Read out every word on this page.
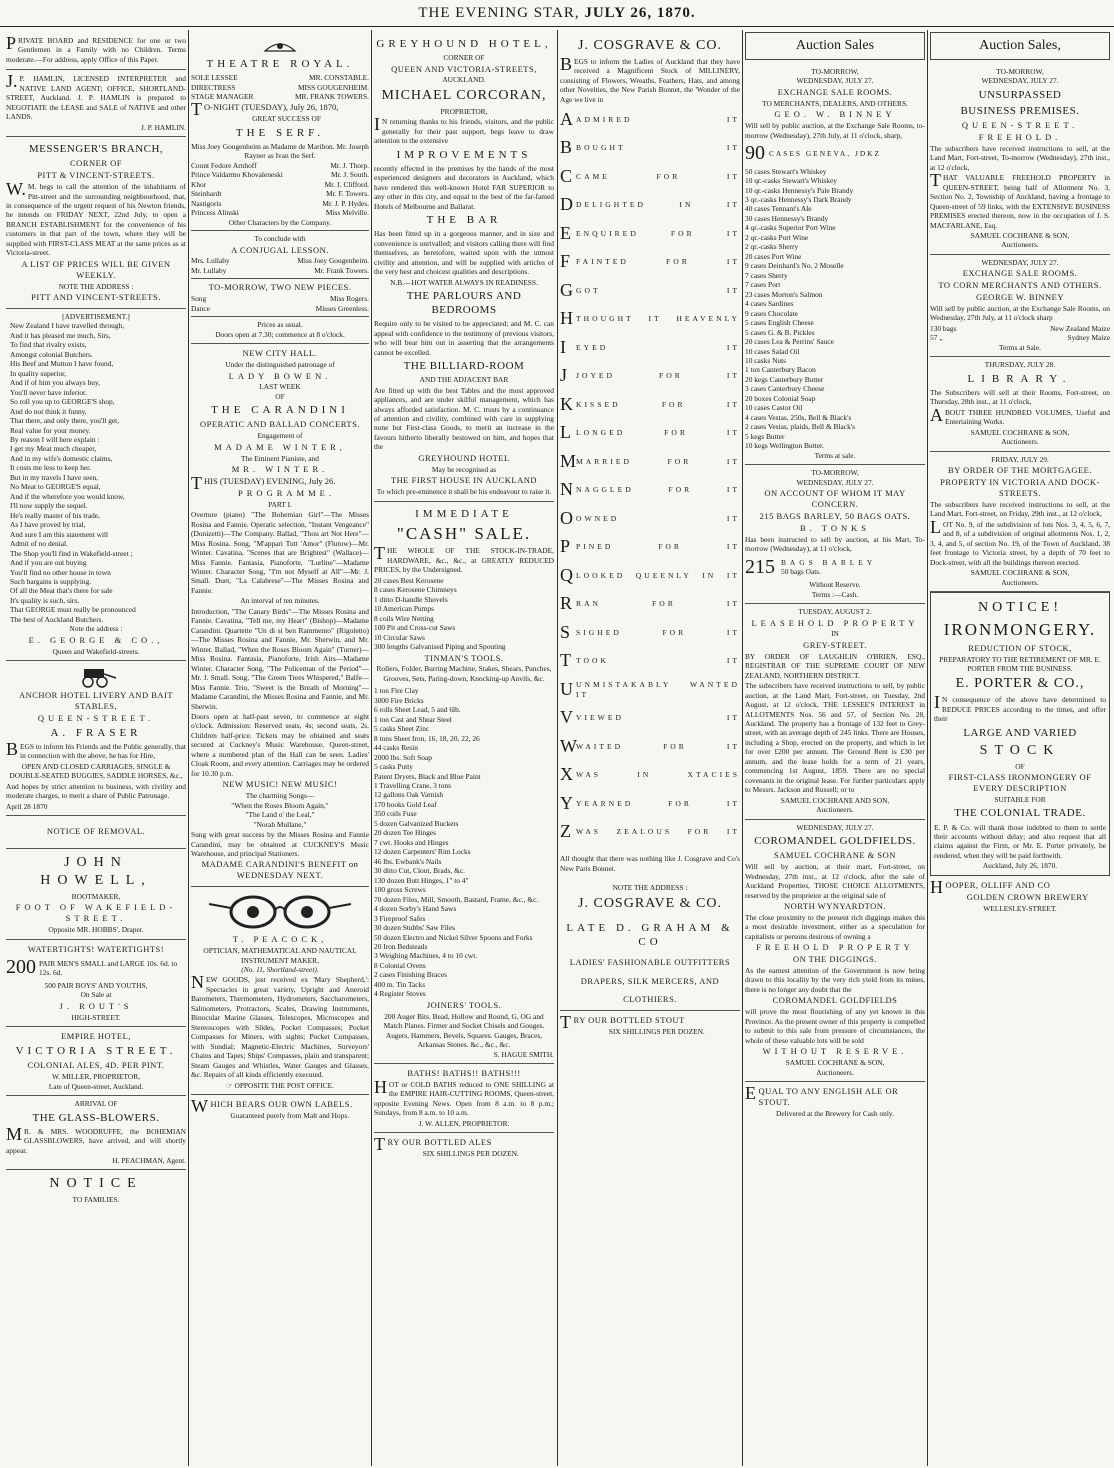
THE EVENING STAR, JULY 26, 1870.

PRIVATE BOARD and RESIDENCE for one or two Gentlemen in a Family with no Children. Terms moderate.—For address, apply Office of this Paper.

J.P. HAMLIN, LICENSED INTERPRETER and NATIVE LAND AGENT; OFFICE, SHORTLAND-STREET, Auckland. J. P. HAMLIN is prepared to NEGOTIATE the LEASE and SALE of NATIVE and other LANDS.

J. P. HAMLIN.
MESSENGER'S BRANCH,
CORNER OF
PITT & VINCENT-STREETS.

W.M. begs to call the attention of the inhabitants of Pitt-street and the surrounding neighbourhood, that, in consequence of the urgent request of his Newton friends, he intends on FRIDAY NEXT, 22nd July, to open a BRANCH ESTABLISHMENT for the convenience of his customers in that part of the town, where they will be supplied with FIRST-CLASS MEAT at the same prices as at Victoria-street.

A LIST OF PRICES WILL BE GIVEN WEEKLY.
NOTE THE ADDRESS :
PITT AND VINCENT-STREETS.
[ADVERTISEMENT.]
New Zealand I have travelled through,
And it has pleased me much, Sirs,
To find that rivalry exists,
Amongst colonial Butchers.
His Beef and Mutton I have found,
In quality superior,
And if of him you always buy,
You'll never have inferior.
So roll you up to GEORGE'S shop,
And do not think it funny,
That there, and only there, you'll get,
Real value for your money.
By reason I will here explain :
I get my Meat much cheaper,
And in my wife's domestic claims,
It costs me less to keep her.
But in my travels I have seen,
No Meat to GEORGE'S equal,
And if the wherefore you would know,
I'll now supply the sequel.
He's really master of his trade,
As I have proved by trial,
And sure I am this statement will
Admit of no denial.
The Shop you'll find in Wakefield-street ;
And if you are out buying
You'll find no other house in town
Such bargains is supplying.
Of all the Meat that's there for sale
It's quality is such, sirs,
That GEORGE must really be pronounced
The best of Auckland Butchers.
Note the address :
E. GEORGE & CO.,
Queen and Wakefield-streets.
ANCHOR HOTEL LIVERY AND BAIT STABLES,
QUEEN-STREET.
A. FRASER

BEGS to inform his Friends and the Public generally, that in connection with the above, he has for Hire,

OPEN AND CLOSED CARRIAGES, SINGLE & DOUBLE-SEATED BUGGIES, SADDLE HORSES, &c.,

And hopes by strict attention to business, with civility and moderate charges, to merit a share of Public Patronage.

April 28 1870
NOTICE OF REMOVAL.
JOHN HOWELL,
BOOTMAKER,
FOOT OF WAKEFIELD-STREET.
Opposite MR. HOBBS', Draper.
WATERTIGHTS! WATERTIGHTS!
200 PAIR MEN'S SMALL and LARGE 10s. 6d. to 12s. 6d.
500 PAIR BOYS' AND YOUTHS,
On Sale at
J. ROUT'S
HIGH-STREET.
EMPIRE HOTEL,
VICTORIA STREET.
COLONIAL ALES, 4D. PER PINT.
W. MILLER, PROPRIETOR,
Late of Queen-street, Auckland.
ARRIVAL OF
THE GLASS-BLOWERS.

MR. & MRS. WOODRUFFE, the BOHEMIAN GLASSBLOWERS, have arrived, and will shortly appear.

H. PEACHMAN, Agent.
NOTICE
TO FAMILIES.
THEATRE ROYAL.
SOLE LESSEE	MR. CONSTABLE.
DIRECTRESS	MISS GOUGENHEIM.
STAGE MANAGER	MR. FRANK TOWERS.

TO-NIGHT (TUESDAY), July 26, 1870,

GREAT SUCCESS OF
THE SERF.
Miss Joey Gougenheim as Madame de Maribon. Mr. Joseph Rayner as Ivan the Serf.
Count Fedore Arnhoff	Mr. J. Thorp.
Prince Valdarmo Khovaleneski	Mr. J. South.
Khor	Mr. J. Clifford.
Steinhardt	Mr. F. Towers.
Nastigoris	Mr. J. P. Hydes.
Princess Alinski	Miss Melville.
Other Characters by the Company.
To conclude with
A CONJUGAL LESSON.
Mrs. Lullaby	Miss Joey Gougenheim.
Mr. Lullaby	Mr. Frank Towers.
TO-MORROW, TWO NEW PIECES.
Song	Miss Rogers.
Dance	Misses Greenless.
Prices as usual.
Doors open at 7.30; commence at 8 o'clock.
NEW CITY HALL.
Under the distinguished patronage of
LADY BOWEN.
LAST WEEK
OF
THE CARANDINI
OPERATIC AND BALLAD CONCERTS.
Engagement of
MADAME WINTER,
The Eminent Pianiste, and
MR. WINTER.

THIS (TUESDAY) EVENING, July 26.

PROGRAMME.
PART I.

Overture (piano) "The Bohemian Girl"—The Misses Rosina and Fannie. Operatic selection, "Instant Vengeance" (Donizetti)—The Company. Ballad, "Thou art Not Here"—Miss Rosina. Song, "M'appari Tutt 'Amor" (Flutow)—Mr. Winter. Cavatina, "Scenes that are Brightest" (Wallace)—Miss Fannie. Fantasia, Pianoforte, "Lurline"—Madame Winter. Character Song, "I'm not Myself at All"—Mr. J. Small. Duet, "La Calabrese"—The Misses Rosina and Fannie.

An interval of ten minutes.

Introduction, "The Canary Birds"—The Misses Rosina and Fannie. Cavatina, "Tell me, my Heart" (Bishop)—Madame Carandini. Quartette "Un di si ben Rammento" (Rigoletto)—The Misses Rosina and Fannie, Mr. Sherwin, and Mr. Winter. Ballad, "When the Roses Bloom Again" (Turner)—Miss Rosina. Fantasia, Pianoforte, Irish Airs—Madame Winter. Character Song, "The Policeman of the Period"—Mr. J. Small. Song, "The Green Trees Whispered," Balfe—Miss Fannie. Trio, "Sweet is the Breath of Morning"—Madame Carandini, the Misses Rosina and Fannie, and Mr. Sherwin.

Doors open at half-past seven, to commence at eight o'clock. Admission: Reserved seats, 4s; second seats, 2s. Children half-price. Tickets may be obtained and seats secured at Cuckney's Music Warehouse, Queen-street, where a numbered plan of the Hall can be seen. Ladies' Cloak Room, and every attention. Carriages may be ordered for 10.30 p.m.

NEW MUSIC! NEW MUSIC!
The charming Songs—
"When the Roses Bloom Again,"
"The Land o' the Leal,"
"Norah Mullane,"

Sung with great success by the Misses Rosina and Fannie Carandini, may be obtained at CUCKNEY'S Music Warehouse, and principal Stationers.

MADAME CARANDINI'S BENEFIT on WEDNESDAY NEXT.
T. PEACOCK,
OPTICIAN, MATHEMATICAL AND NAUTICAL INSTRUMENT MAKER,
(No. 11, Shortland-street).

NEW GOODS, just received ex 'Mary Shepherd,': Spectacles in great variety, Upright and Aneroid Barometers, Thermometers, Hydrometers, Saccharometers, Salinometers, Protractors, Scales, Drawing Instruments, Binocular Marine Glasses, Telescopes, Microscopes and Stereoscopes with Slides, Pocket Compasses; Pocket Compasses for Miners, with sights; Pocket Compasses, with Sundial; Magnetic-Electric Machines, Surveyors' Chains and Tapes; Ships' Compasses, plain and transparent; Steam Gauges and Whistles, Water Gauges and Glasses, &c. Repairs of all kinds efficiently executed.

☞ OPPOSITE THE POST OFFICE.

WHICH BEARS OUR OWN LABELS.

Guaranteed purely from Malt and Hops.
GREYHOUND HOTEL,
CORNER OF
QUEEN AND VICTORIA-STREETS,
AUCKLAND.
MICHAEL CORCORAN,
PROPRIETOR,

IN returning thanks to his friends, visitors, and the public generally for their past support, begs leave to draw attention to the extensive

IMPROVEMENTS

recently effected in the premises by the hands of the most experienced designers and decorators in Auckland, which have rendered this well-known Hotel FAR SUPERIOR to any other in this city, and equal to the best of the far-famed Hotels of Melbourne and Ballarat.

THE BAR

Has been fitted up in a gorgeous manner, and in size and convenience is unrivalled; and visitors calling there will find themselves, as heretofore, waited upon with the utmost civility and attention, and will be supplied with articles of the very best and choicest qualities and descriptions.

N.B.—HOT WATER ALWAYS IN READINESS.
THE PARLOURS AND BEDROOMS

Require only to be visited to be appreciated; and M. C. can appeal with confidence to the testimony of previous visitors, who will bear him out in asserting that the arrangements cannot be excelled.

THE BILLIARD-ROOM
AND THE ADJACENT BAR

Are fitted up with the best Tables and the most approved appliances, and are under skilful management, which has always afforded satisfaction. M. C. trusts by a continuance of attention and civility, combined with care in supplying none but First-class Goods, to merit an increase in the favours hitherto liberally bestowed on him, and hopes that the

GREYHOUND HOTEL
May be recognised as
THE FIRST HOUSE IN AUCKLAND
To which pre-eminence it shall be his endeavour to raise it.
IMMEDIATE
"CASH" SALE.

THE WHOLE OF THE STOCK-IN-TRADE, HARDWARE, &c., &c., at GREATLY REDUCED PRICES, by the Undersigned.

20 cases Best Kerosene
8 cases Kerosene Chimneys
1 ditto D-handle Shovels
10 American Pumps
8 coils Wire Netting
100 Pit and Cross-cut Saws
10 Circular Saws
300 lengths Galvanised Piping and Spouting
TINMAN'S TOOLS.
Rollers, Folder, Burring Machine, Stakes, Shears, Punches, Grooves, Sets, Paring-down, Knocking-up Anvils, &c.
1 ton Fire Clay
3000 Fire Bricks
6 rolls Sheet Lead, 5 and 6lb.
1 ton Cast and Shear Steel
5 casks Sheet Zinc
8 tons Sheet Iron, 16, 18, 20, 22, 26
44 casks Resin
2000 lbs. Soft Soap
5 casks Putty
Patent Dryers, Black and Blue Paint
1 Travelling Crane, 3 tons
12 gallons Oak Varnish
170 books Gold Leaf
350 coils Fuse
5 dozen Galvanized Buckets
20 dozen Tee Hinges
7 cwt. Hooks and Hinges
12 dozen Carpenters' Rim Locks
46 lbs. Ewbank's Nails
30 ditto Cut, Clout, Brads, &c.
130 dozen Butt Hinges, 1" to 4"
100 gross Screws
70 dozen Files, Mill, Smooth, Bastard, Frame, &c., &c.
4 dozen Sorby's Hand Saws
3 Fireproof Safes
30 dozen Stubbs' Saw Files
50 dozen Electro and Nickel Silver Spoons and Forks
20 Iron Bedsteads
3 Weighing Machines, 4 to 10 cwt.
8 Colonial Ovens
2 cases Finishing Braces
400 m. Tin Tacks
4 Register Stoves
JOINERS' TOOLS.
200 Auger Bits. Bead, Hollow and Round, G, OG and Match Planes. Firmer and Socket Chisels and Gouges. Augers, Hammers, Bevels, Squares. Gauges, Braces, Arkansas Stones. &c., &c., &c.
S. HAGUE SMITH.
BATHS! BATHS!! BATHS!!!

HOT or COLD BATHS reduced to ONE SHILLING at the EMPIRE HAIR-CUTTING ROOMS, Queen-street, opposite Evening News. Open from 8 a.m. to 8 p.m.; Sundays, from 8 a.m. to 10 a.m.

J. W. ALLEN, PROPRIETOR.

TRY OUR BOTTLED ALES

SIX SHILLINGS PER DOZEN.
J. COSGRAVE & CO.

BEGS to inform the Ladies of Auckland that they have received a Magnificent Stock of MILLINERY, consisting of Flowers, Wreaths, Feathers, Hats, and among other Novelties, the New Parish Bonnet, the 'Wonder of the Age we live in

A ADMIRED IT
B BOUGHT IT
C CAME FOR IT
D DELIGHTED IN IT
E ENQUIRED FOR IT
F FAINTED FOR IT
G GOT IT
H THOUGHT IT HEAVENLY
I	EYED IT
J	JOYED FOR IT
K KISSED FOR IT
L LONGED FOR IT
M MARRIED FOR IT
N NAGGLED FOR IT
O OWNED IT
P PINED FOR IT
Q LOOKED QUEENLY IN IT
R RAN FOR IT
S SIGHED FOR IT
T TOOK IT
U UNMISTAKABLY WANTED IT
V VIEWED IT
W WAITED FOR IT
X WAS IN XTACIES
Y YEARNED FOR IT
Z WAS ZEALOUS FOR IT

All thought that there was nothing like J. Cosgrave and Co's New Paris Bonnet.

NOTE THE ADDRESS :
J. COSGRAVE & CO.
LATE D. GRAHAM & CO
LADIES' FASHIONABLE OUTFITTERS
DRAPERS, SILK MERCERS, AND
CLOTHIERS.

TRY OUR BOTTLED STOUT

SIX SHILLINGS PER DOZEN.
Auction Sales
TO-MORROW,
WEDNESDAY, JULY 27.
EXCHANGE SALE ROOMS.
TO MERCHANTS, DEALERS, AND OTHERS.
GEO. W. BINNEY

Will sell by public auction, at the Exchange Sale Rooms, to-morrow (Wednesday), 27th July, at 11 o'clock, sharp,

90 CASES GENEVA, JDKZ
50 cases Stewart's Whiskey
10 qr.-casks Stewart's Whiskey
10 qr.-casks Hennessy's Pale Brandy
3 qr.-casks Hennessy's Dark Brandy
40 cases Tennant's Ale
30 cases Hennessy's Brandy
4 qr.-casks Superior Port Wine
2 qr.-casks Port Wine
2 qr.-casks Sherry
20 cases Port Wine
9 cases Deinhard's No. 2 Moselle
7 cases Sherry
7 cases Port
23 cases Morton's Salmon
4 cases Sardines
9 cases Chocolate
5 cases English Cheese
5 cases G. & B. Pickles
20 cases Lea & Perrins' Sauce
10 cases Salad Oil
10 casks Nuts
1 ton Canterbury Bacon
20 kegs Canterbury Butter
3 cases Canterbury Cheese
20 boxes Colonial Soap
10 cases Castor Oil
4 cases Vestas, 250s, Bell & Black's
2 cases Vestas, plaids, Bell & Black's
5 kegs Butter
10 kegs Wellington Butter.
Terms at sale.
TO-MORROW,
WEDNESDAY, JULY 27.
ON ACCOUNT OF WHOM IT MAY CONCERN.
215 BAGS BARLEY, 50 BAGS OATS.
B. TONKS

Has been instructed to sell by auction, at his Mart, To-morrow (Wednesday), at 11 o'clock,

215 BAGS BARLEY
50 bags Oats.
Without Reserve.
Terms :—Cash.
TUESDAY, AUGUST 2.
LEASEHOLD PROPERTY
IN
GREY-STREET.

BY ORDER OF LAUGHLIN O'BRIEN, ESQ., REGISTRAR OF THE SUPREME COURT OF NEW ZEALAND, NORTHERN DISTRICT.

The subscribers have received instructions to sell, by public auction, at the Land Mart, Fort-street, on Tuesday, 2nd August, at 12 o'clock, THE LESSEE'S INTEREST in ALLOTMENTS Nos. 56 and 57, of Section No. 28, Auckland. The property has a frontage of 132 feet to Grey-street, with an average depth of 245 links. There are Houses, including a Shop, erected on the property, and which is let for over £200 per annum. The Ground Rent is £30 per annum, and the lease holds for a term of 21 years, commencing 1st August, 1859. There are no special covenants in the original lease. For further particulars apply to Messrs. Jackson and Russell; or to

SAMUEL COCHRANE AND SON,
Auctioneers.
WEDNESDAY, JULY 27.
COROMANDEL GOLDFIELDS.
SAMUEL COCHRANE & SON

Will sell by auction, at their mart, Fort-street, on Wednesday, 27th inst., at 12 o'clock, after the sale of Auckland Properties, THOSE CHOICE ALLOTMENTS, reserved by the proprietor at the original sale of

NORTH WYNYARDTON.

The close proximity to the present rich diggings makes this a most desirable investment, either as a speculation for capitalists or persons desirous of owning a

FREEHOLD PROPERTY
ON THE DIGGINGS.

As the earnest attention of the Government is now being drawn to this locality by the very rich yield from its mines, there is no longer any doubt that the

COROMANDEL GOLDFIELDS

will prove the most flourishing of any yet known in this Province. As the present owner of this property is compelled to submit to this sale from pressure of circumstances, the whole of these valuable lots will be sold

WITHOUT RESERVE.
SAMUEL COCHRANE & SON,
Auctioneers.

EQUAL TO ANY ENGLISH ALE OR STOUT.

Delivered at the Brewery for Cash only.
Auction Sales,
TO-MORROW,
WEDNESDAY, JULY 27.
UNSURPASSED
BUSINESS PREMISES.
QUEEN-STREET.
FREEHOLD.

The subscribers have received instructions to sell, at the Land Mart, Fort-street, To-morrow (Wednesday), 27th inst., at 12 o'clock,

THAT VALUABLE FREEHOLD PROPERTY in QUEEN-STREET, being half of Allotment No. 3, Section No. 2, Township of Auckland, having a frontage to Queen-street of 59 links, with the EXTENSIVE BUSINESS PREMISES erected thereon, now in the occupation of J. S. MACFARLANE, Esq.

SAMUEL COCHRANE & SON,
Auctioneers.
WEDNESDAY, JULY 27.
EXCHANGE SALE ROOMS.
TO CORN MERCHANTS AND OTHERS.
GEORGE W. BINNEY

Will sell by public auction, at the Exchange Sale Rooms, on Wednesday, 27th July, at 11 o'clock sharp

130 bags	New Zealand Maize
57 „	Sydney Maize
Terms at Sale.
THURSDAY, JULY 28.
LIBRARY.

The Subscribers will sell at their Rooms, Fort-street, on Thursday, 28th inst., at 11 o'clock,

ABOUT THREE HUNDRED VOLUMES, Useful and Entertaining Works.

SAMUEL COCHRANE & SON,
Auctioneers.
FRIDAY, JULY 29.
BY ORDER OF THE MORTGAGEE.
PROPERTY IN VICTORIA AND DOCK-STREETS.

The subscribers have received instructions to sell, at the Land Mart, Fort-street, on Friday, 29th inst., at 12 o'clock,

LOT No. 9, of the subdivision of lots Nos. 3, 4, 5, 6, 7, and 8, of a subdivision of original allotments Nos. 1, 2, 3, 4, and 5, of section No. 19, of the Town of Auckland, 38 feet frontage to Victoria street, by a depth of 70 feet to Dock-street, with all the buildings thereon erected.

SAMUEL COCHRANE & SON,
Auctioneers.
NOTICE!
IRONMONGERY.
REDUCTION OF STOCK,
PREPARATORY TO THE RETIREMENT OF MR. E. PORTER FROM THE BUSINESS.
E. PORTER & CO.,

IN consequence of the above have determined to REDUCE PRICES according to the times, and offer their

LARGE AND VARIED
STOCK
OF
FIRST-CLASS IRONMONGERY OF EVERY DESCRIPTION
SUITABLE FOR
THE COLONIAL TRADE.

E. P. & Co. will thank those indebted to them to settle their accounts without delay; and also request that all claims against the Firm, or Mr. E. Porter privately, be rendered, when they will be paid forthwith.

Auckland, July 26, 1870.

HOOPER, OLLIFF AND CO

GOLDEN CROWN BREWERY
WELLESLEY-STREET.
